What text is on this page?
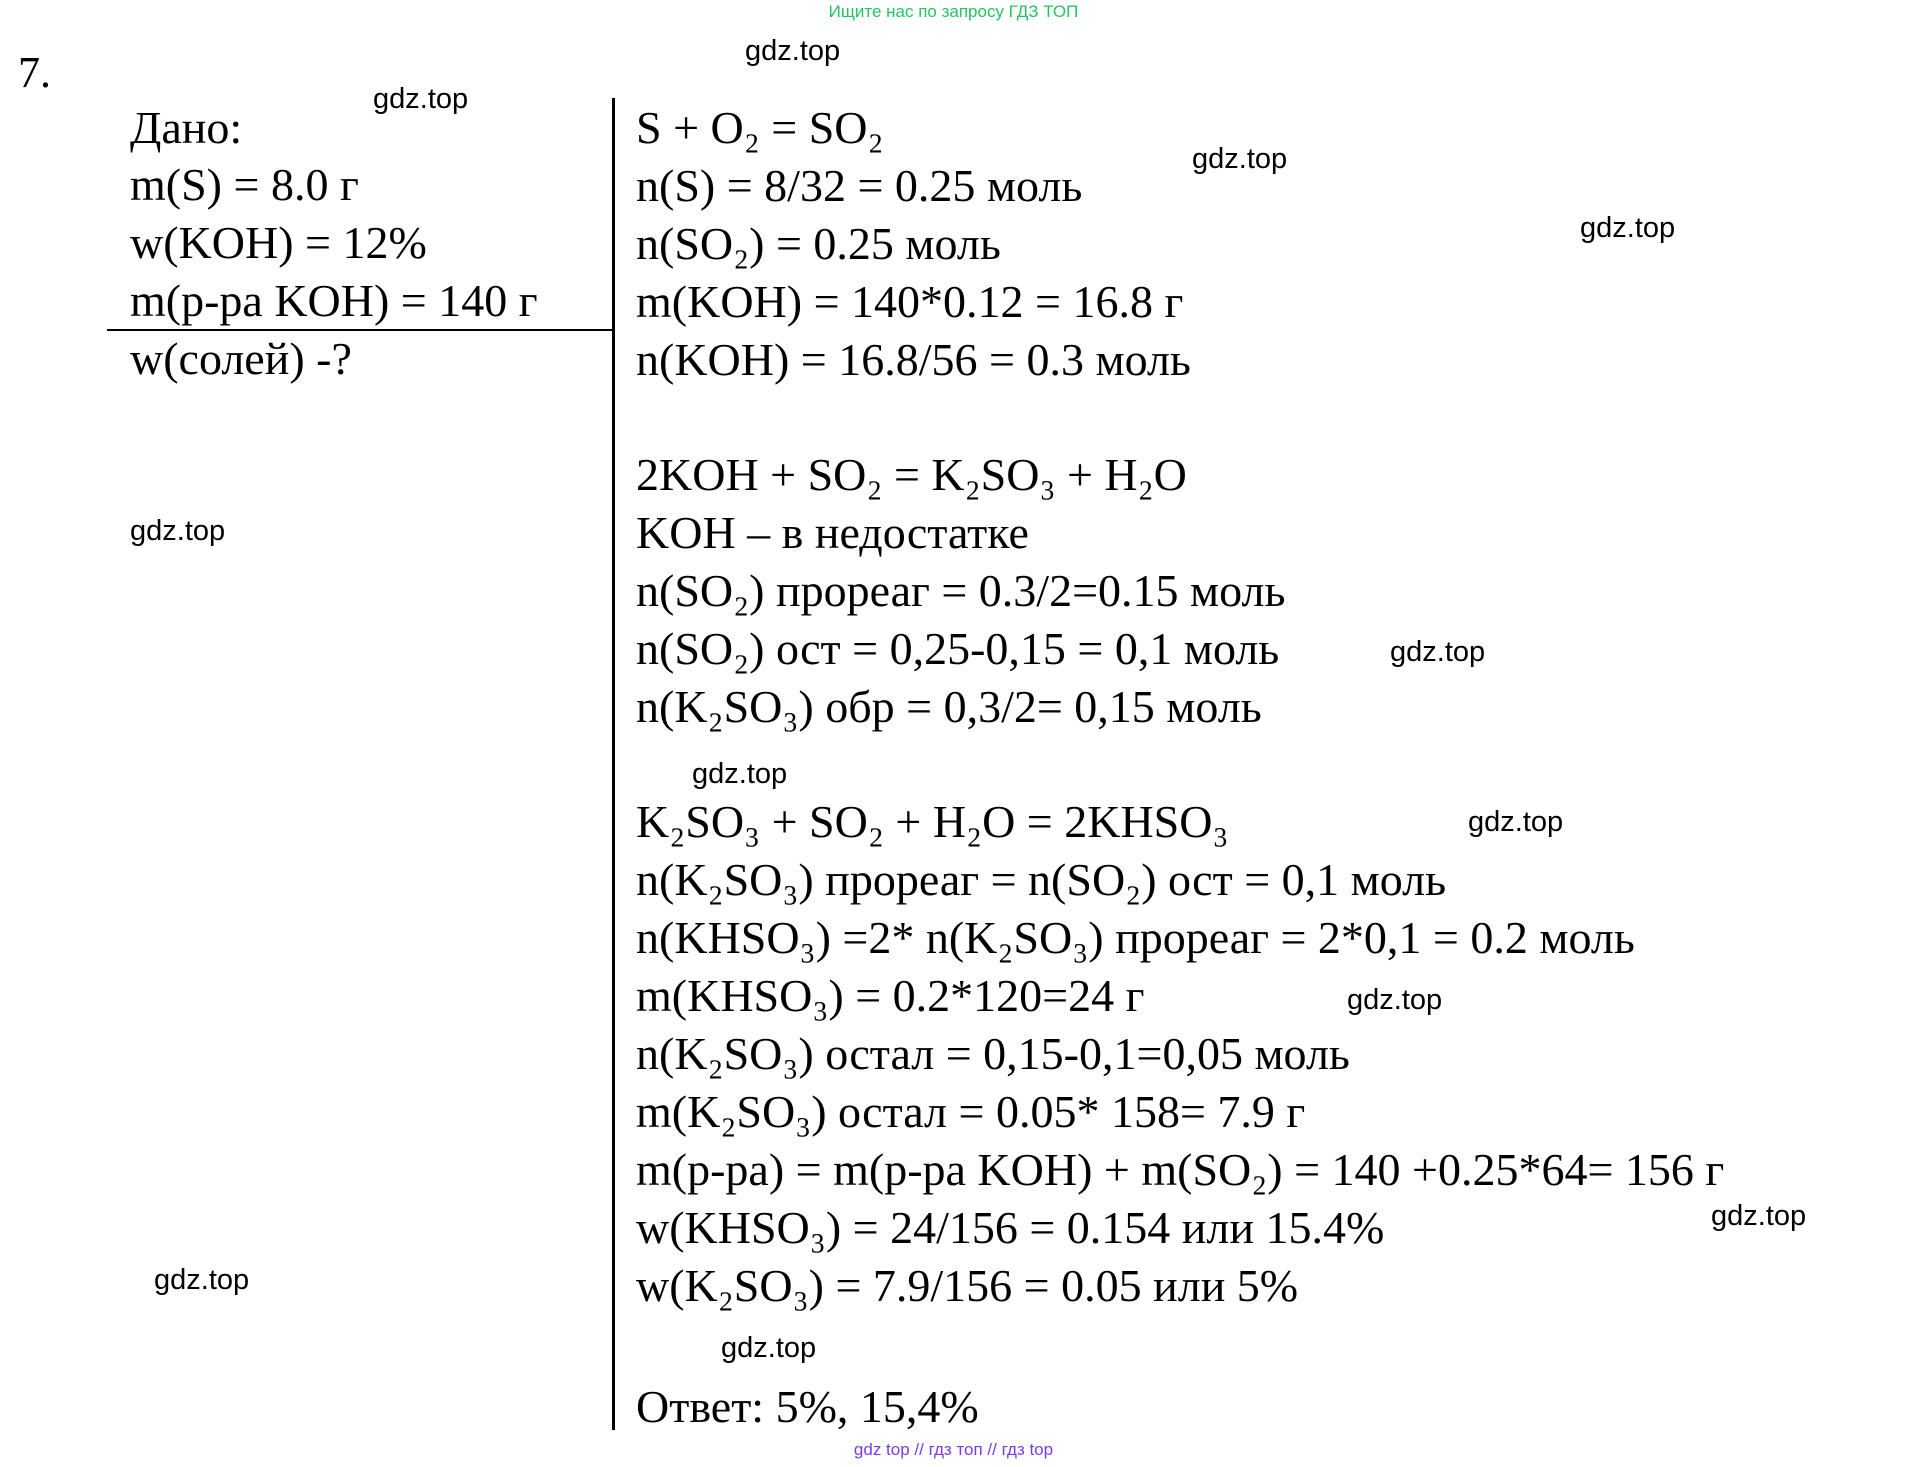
Ищите нас по запросу ГДЗ ТОП
7.
Дано:
m(S) = 8.0 г
w(KOH) = 12%
m(р-ра KOH) = 140 г
w(солей) -?
S + O₂ = SO₂
n(S) = 8/32 = 0.25 моль
n(SO₂) = 0.25 моль
m(KOH) = 140*0.12 = 16.8 г
n(KOH) = 16.8/56 = 0.3 моль
2KOH + SO₂ = K₂SO₃ + H₂O
KOH – в недостатке
n(SO₂) прореаг = 0.3/2=0.15 моль
n(SO₂) ост = 0,25-0,15 = 0,1 моль
n(K₂SO₃) обр = 0,3/2= 0,15 моль
K₂SO₃ + SO₂ + H₂O = 2KHSO₃
n(K₂SO₃) прореаг = n(SO₂) ост = 0,1 моль
n(KHSO₃) =2* n(K₂SO₃) прореаг = 2*0,1 = 0.2 моль
m(KHSO₃) = 0.2*120=24 г
n(K₂SO₃) остал = 0,15-0,1=0,05 моль
m(K₂SO₃) остал = 0.05* 158= 7.9 г
m(р-ра) = m(р-ра KOH) + m(SO₂) = 140 +0.25*64= 156 г
w(KHSO₃) = 24/156 = 0.154 или 15.4%
w(K₂SO₃) = 7.9/156 = 0.05 или 5%
Ответ: 5%, 15,4%
gdz.top
gdz.top
gdz.top
gdz.top
gdz.top
gdz.top
gdz.top
gdz.top
gdz.top
gdz.top
gdz.top
gdz.top
gdz top // гдз топ // гдз top
